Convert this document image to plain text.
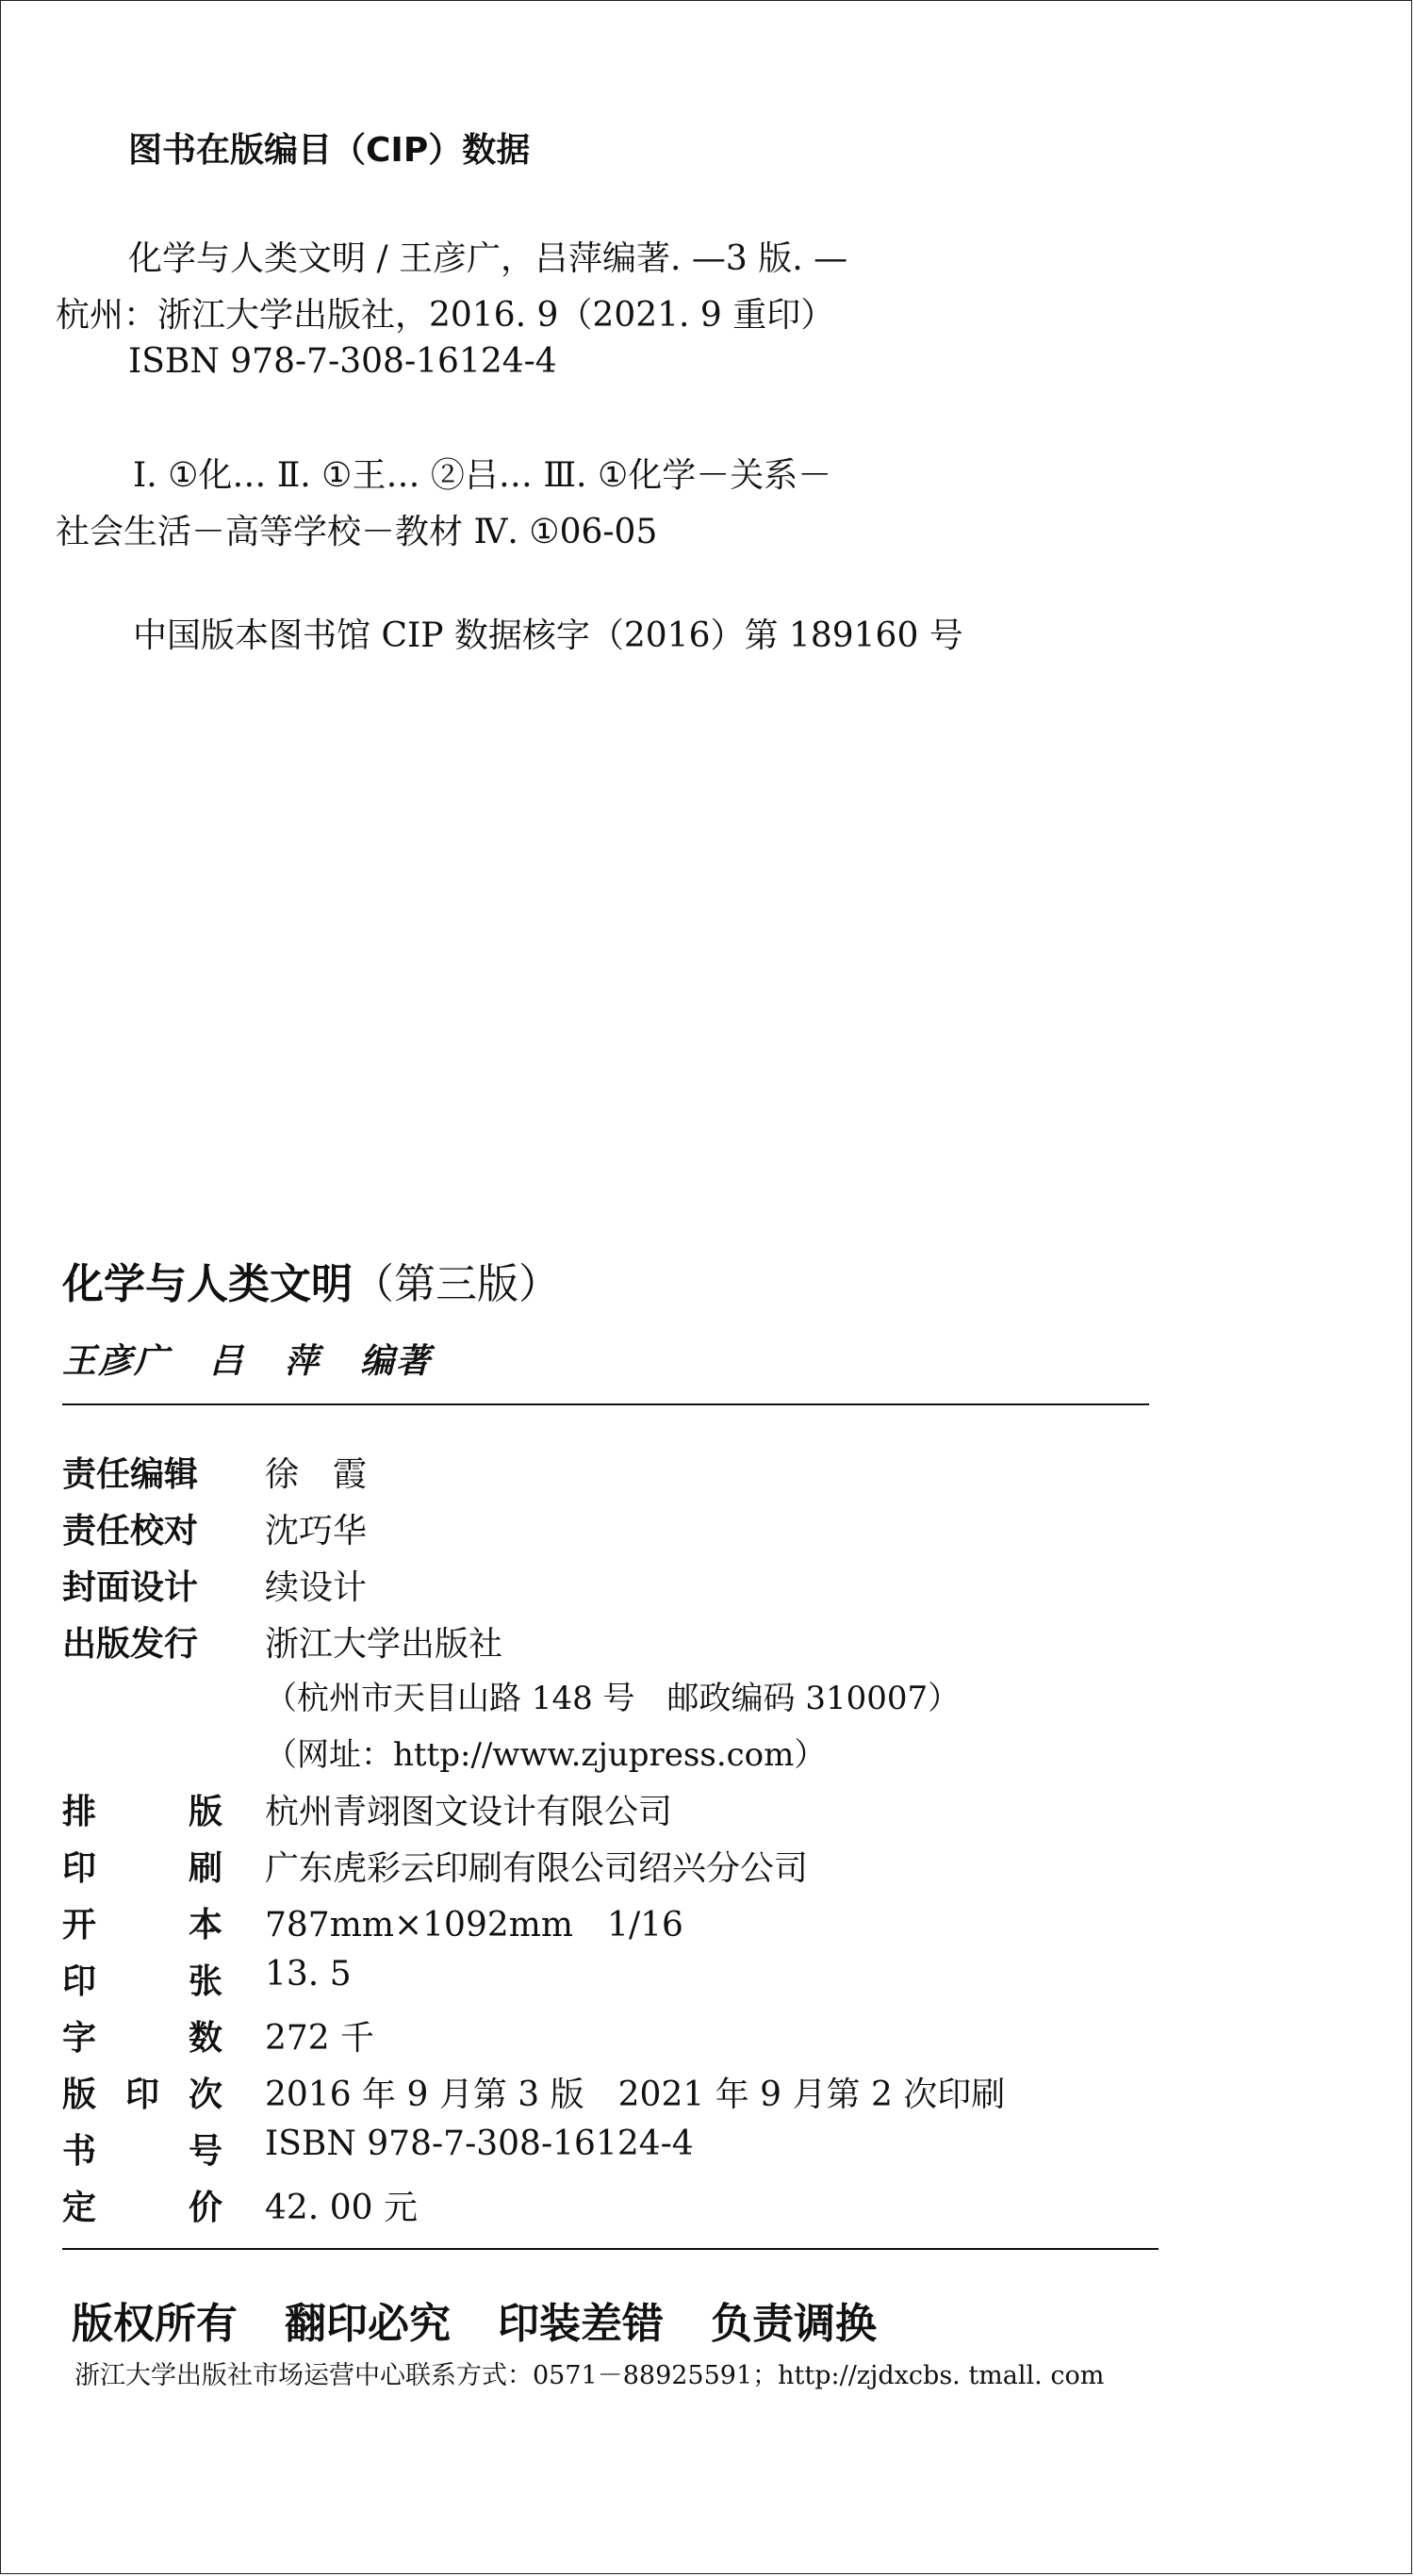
图书在版编目（CIP）数据
化学与人类文明 / 王彦广，吕萍编著. —3 版. —
杭州：浙江大学出版社，2016. 9（2021. 9 重印）
ISBN 978-7-308-16124-4
Ⅰ. ①化… Ⅱ. ①王… ②吕… Ⅲ. ①化学－关系－
社会生活－高等学校－教材 Ⅳ. ①06-05
中国版本图书馆 CIP 数据核字（2016）第 189160 号
化学与人类文明（第三版）
王彦广 吕 萍 编著
责任编辑 徐　霞
责任校对 沈巧华
封面设计 续设计
出版发行 浙江大学出版社
（杭州市天目山路 148 号　邮政编码 310007）
（网址：http://www.zjupress.com）
排	版 杭州青翊图文设计有限公司
印	刷 广东虎彩云印刷有限公司绍兴分公司
开	本 787mm×1092mm　1/16
印	张 13. 5
字	数 272 千
版 印 次 2016 年 9 月第 3 版　2021 年 9 月第 2 次印刷
书	号 ISBN 978-7-308-16124-4
定	价 42. 00 元
版权所有 翻印必究 印装差错 负责调换
浙江大学出版社市场运营中心联系方式：0571－88925591；http://zjdxcbs. tmall. com
